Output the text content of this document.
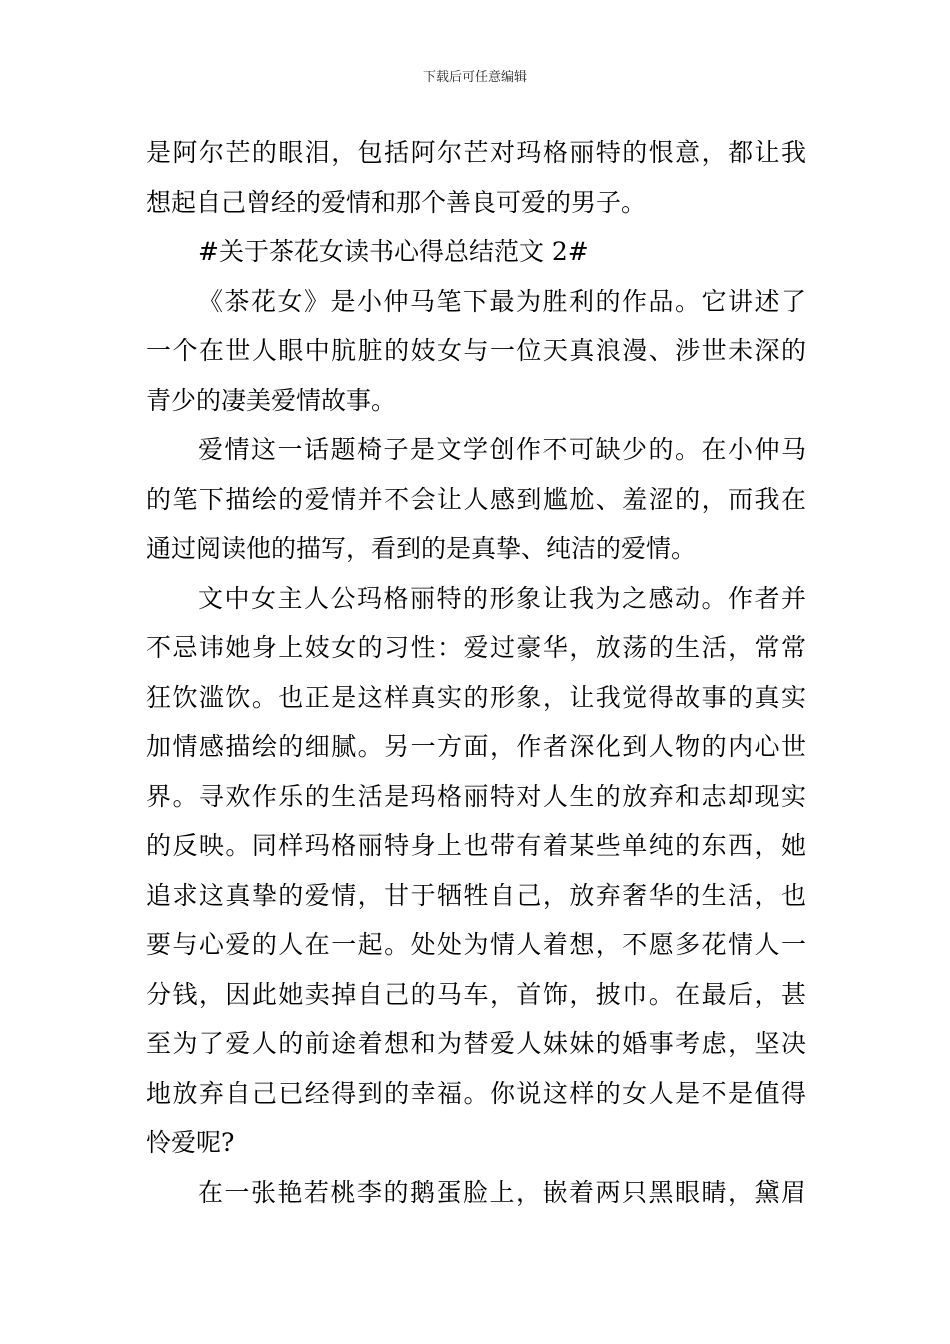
下载后可任意编辑

是阿尔芒的眼泪，包括阿尔芒对玛格丽特的恨意，都让我
想起自己曾经的爱情和那个善良可爱的男子。

#关于茶花女读书心得总结范文 2#

《茶花女》是小仲马笔下最为胜利的作品。它讲述了
一个在世人眼中肮脏的妓女与一位天真浪漫、涉世未深的
青少的凄美爱情故事。

爱情这一话题椅子是文学创作不可缺少的。在小仲马
的笔下描绘的爱情并不会让人感到尴尬、羞涩的，而我在
通过阅读他的描写，看到的是真挚、纯洁的爱情。

文中女主人公玛格丽特的形象让我为之感动。作者并
不忌讳她身上妓女的习性：爱过豪华，放荡的生活，常常
狂饮滥饮。也正是这样真实的形象，让我觉得故事的真实
加情感描绘的细腻。另一方面，作者深化到人物的内心世
界。寻欢作乐的生活是玛格丽特对人生的放弃和志却现实
的反映。同样玛格丽特身上也带有着某些单纯的东西，她
追求这真挚的爱情，甘于牺牲自己，放弃奢华的生活，也
要与心爱的人在一起。处处为情人着想，不愿多花情人一
分钱，因此她卖掉自己的马车，首饰，披巾。在最后，甚
至为了爱人的前途着想和为替爱人妹妹的婚事考虑，坚决
地放弃自己已经得到的幸福。你说这样的女人是不是值得
怜爱呢?

在一张艳若桃李的鹅蛋脸上，嵌着两只黑眼睛，黛眉
